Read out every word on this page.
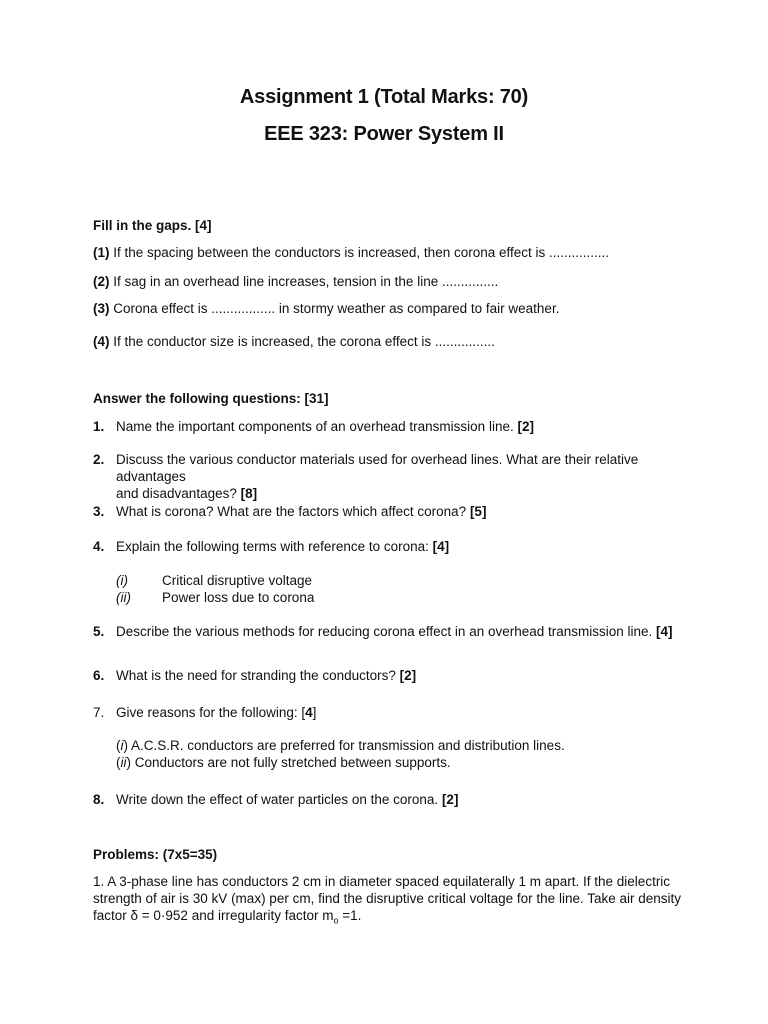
Assignment 1 (Total Marks: 70)
EEE 323: Power System II
Fill in the gaps. [4]
(1) If the spacing between the conductors is increased, then corona effect is ................
(2) If sag in an overhead line increases, tension in the line ...............
(3) Corona effect is ................. in stormy weather as compared to fair weather.
(4) If the conductor size is increased, the corona effect is ................
Answer the following questions: [31]
1. Name the important components of an overhead transmission line. [2]
2. Discuss the various conductor materials used for overhead lines. What are their relative advantages
and disadvantages? [8]
3. What is corona? What are the factors which affect corona? [5]
4. Explain the following terms with reference to corona: [4]
(i)	Critical disruptive voltage
(ii) Power loss due to corona
5. Describe the various methods for reducing corona effect in an overhead transmission line. [4]
6. What is the need for stranding the conductors? [2]
7. Give reasons for the following: [4]
(i) A.C.S.R. conductors are preferred for transmission and distribution lines.
(ii) Conductors are not fully stretched between supports.
8. Write down the effect of water particles on the corona. [2]
Problems: (7x5=35)
1. A 3-phase line has conductors 2 cm in diameter spaced equilaterally 1 m apart. If the dielectric
strength of air is 30 kV (max) per cm, find the disruptive critical voltage for the line. Take air density
factor δ = 0·952 and irregularity factor $m_o =1$.
